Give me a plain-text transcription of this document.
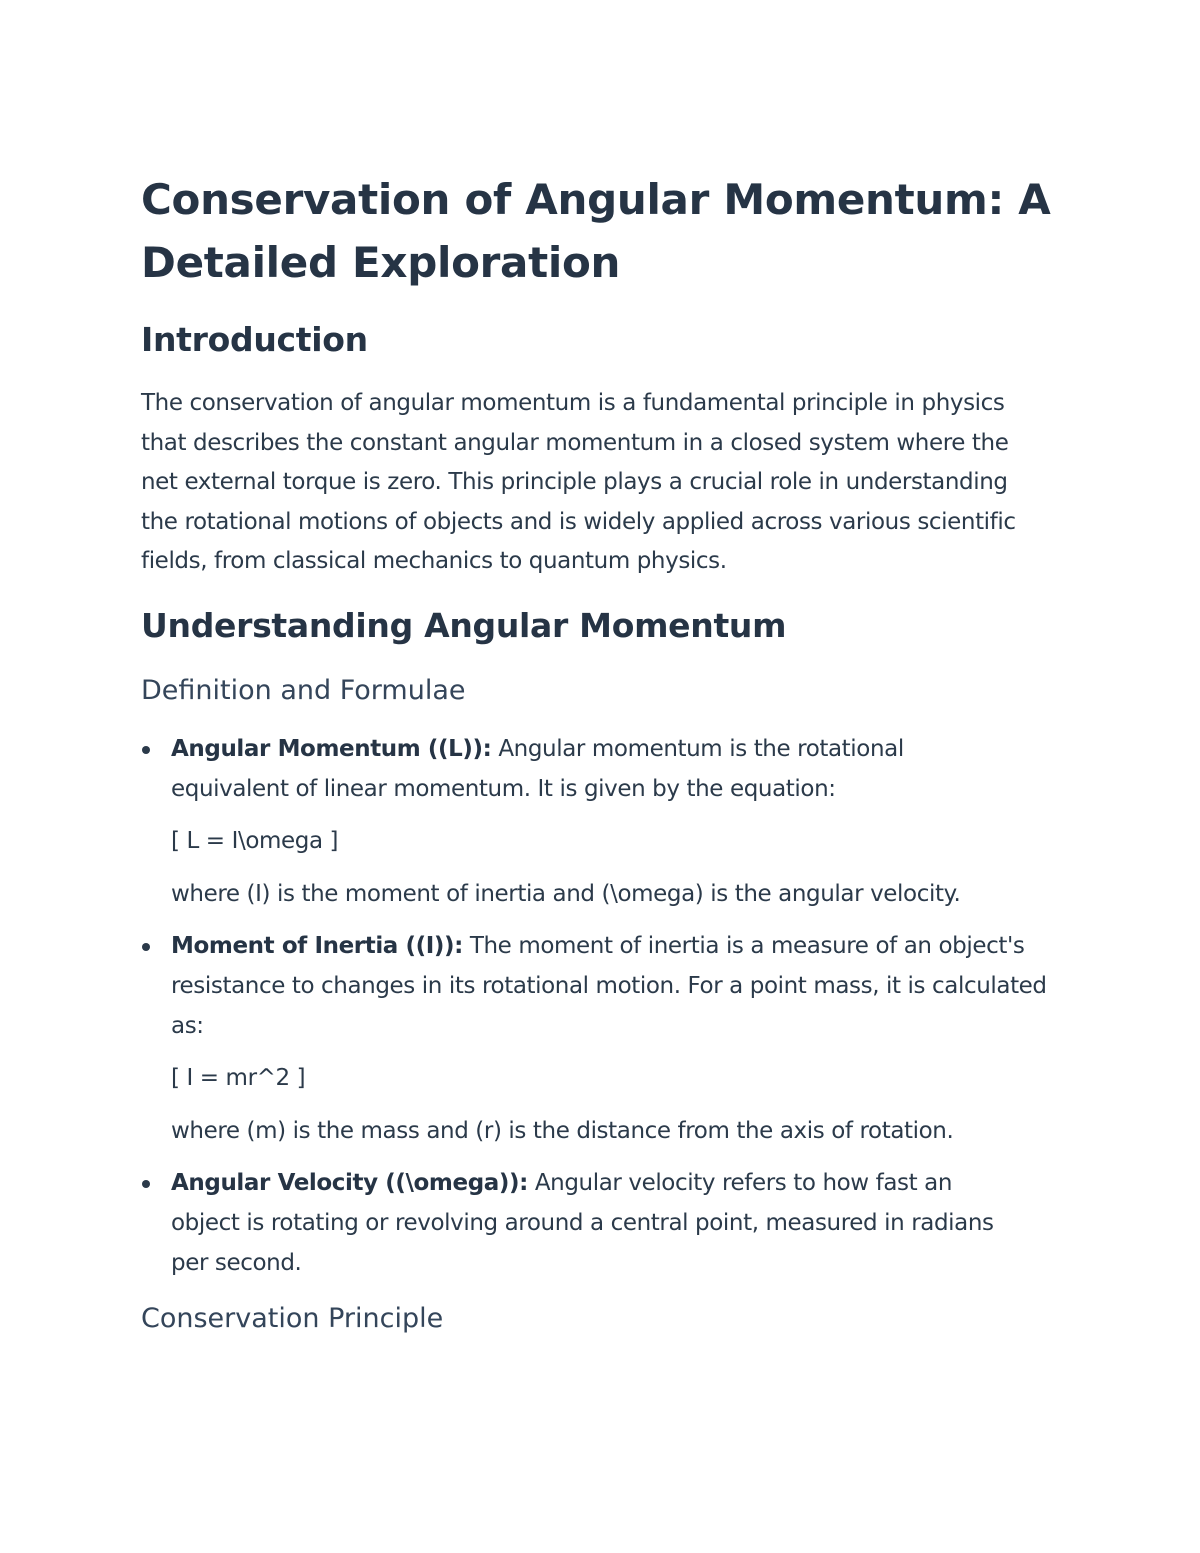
Conservation of Angular Momentum: A Detailed Exploration
Introduction

The conservation of angular momentum is a fundamental principle in physics that describes the constant angular momentum in a closed system where the net external torque is zero. This principle plays a crucial role in understanding the rotational motions of objects and is widely applied across various scientific fields, from classical mechanics to quantum physics.

Understanding Angular Momentum
Definition and Formulae

Angular Momentum ((L)): Angular momentum is the rotational equivalent of linear momentum. It is given by the equation:

[ L = I\omega ]

where (I) is the moment of inertia and (\omega) is the angular velocity.

Moment of Inertia ((I)): The moment of inertia is a measure of an object's resistance to changes in its rotational motion. For a point mass, it is calculated as:

[ I = mr^2 ]

where (m) is the mass and (r) is the distance from the axis of rotation.

Angular Velocity ((\omega)): Angular velocity refers to how fast an object is rotating or revolving around a central point, measured in radians per second.

Conservation Principle
